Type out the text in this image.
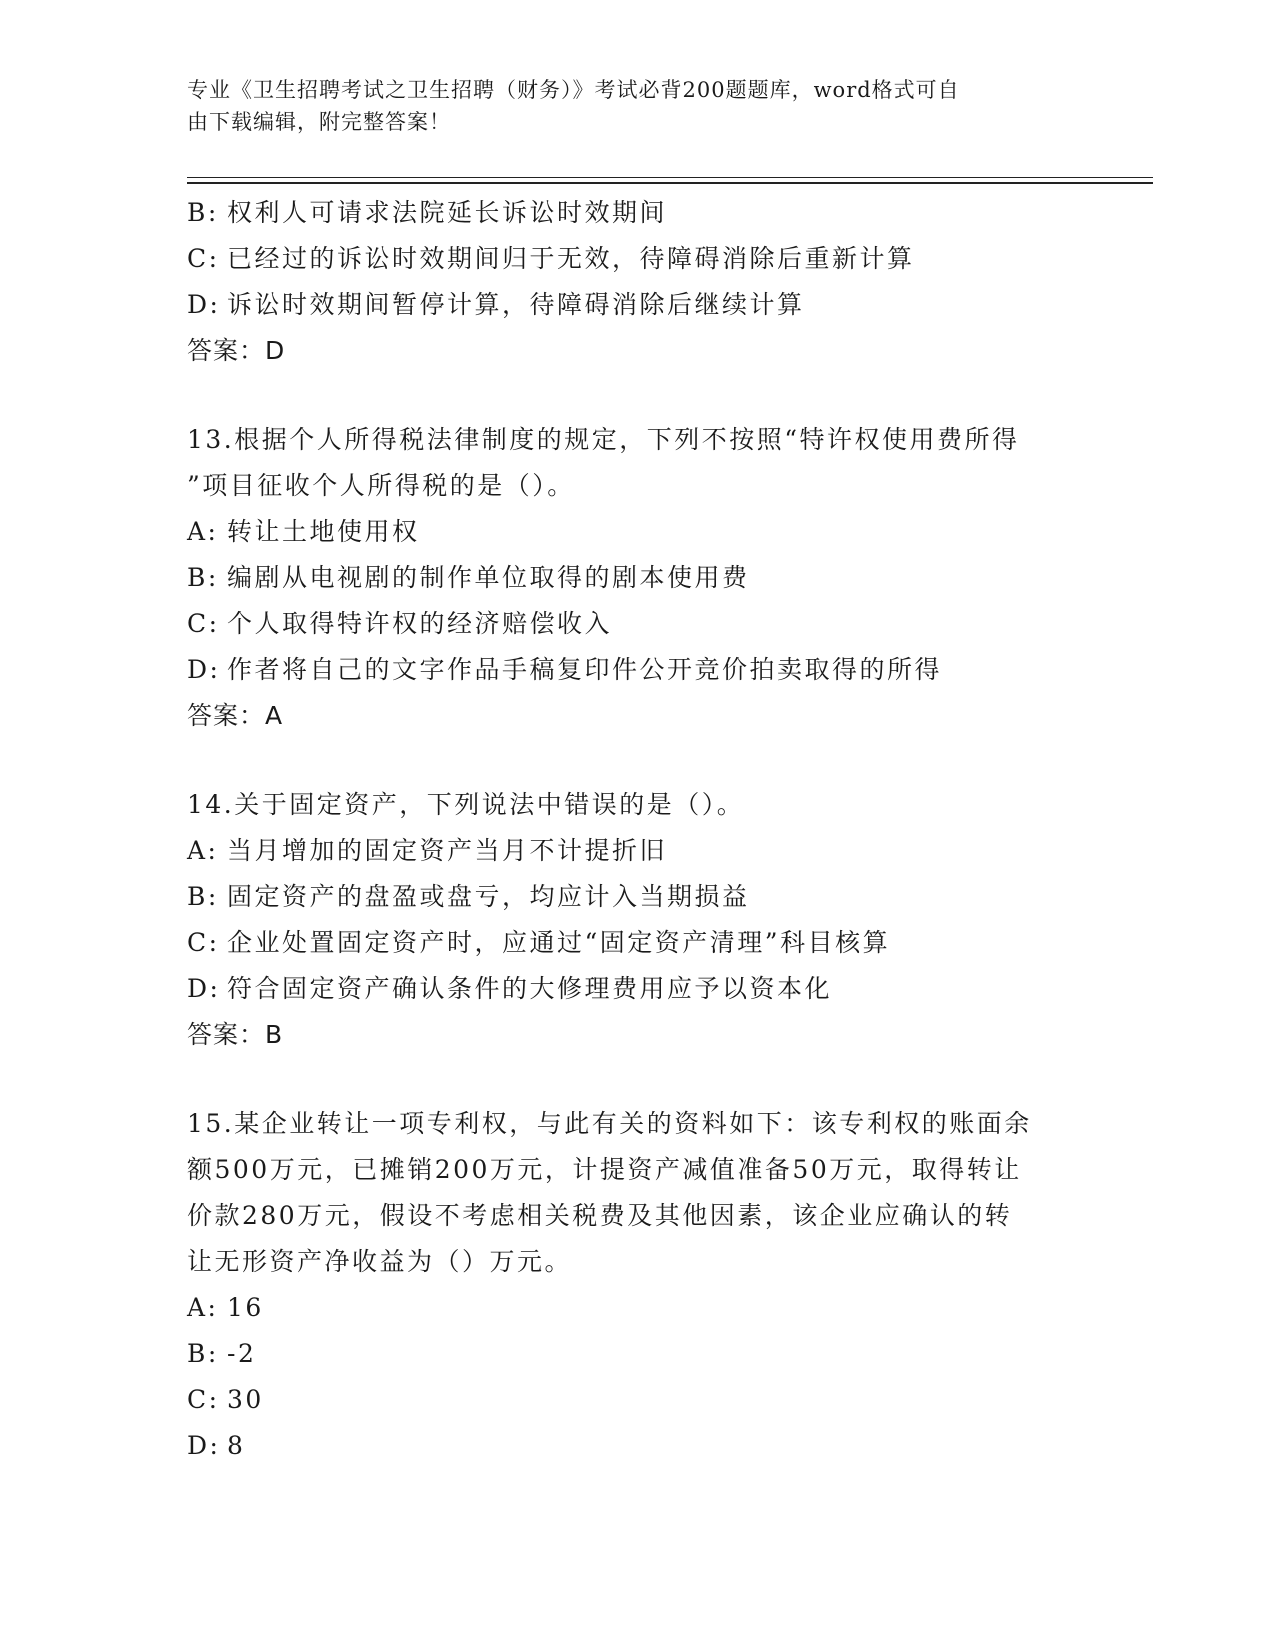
专业《卫生招聘考试之卫生招聘（财务）》考试必背200题题库，word格式可自
由下载编辑，附完整答案！
B: 权利人可请求法院延长诉讼时效期间
C: 已经过的诉讼时效期间归于无效，待障碍消除后重新计算
D: 诉讼时效期间暂停计算，待障碍消除后继续计算
答案：D
13.根据个人所得税法律制度的规定，下列不按照“特许权使用费所得
”项目征收个人所得税的是（）。
A: 转让土地使用权
B: 编剧从电视剧的制作单位取得的剧本使用费
C: 个人取得特许权的经济赔偿收入
D: 作者将自己的文字作品手稿复印件公开竞价拍卖取得的所得
答案：A
14.关于固定资产，下列说法中错误的是（）。
A: 当月增加的固定资产当月不计提折旧
B: 固定资产的盘盈或盘亏，均应计入当期损益
C: 企业处置固定资产时，应通过“固定资产清理”科目核算
D: 符合固定资产确认条件的大修理费用应予以资本化
答案：B
15.某企业转让一项专利权，与此有关的资料如下：该专利权的账面余
额500万元，已摊销200万元，计提资产减值准备50万元，取得转让
价款280万元，假设不考虑相关税费及其他因素，该企业应确认的转
让无形资产净收益为（）万元。
A: 16
B: -2
C: 30
D: 8
